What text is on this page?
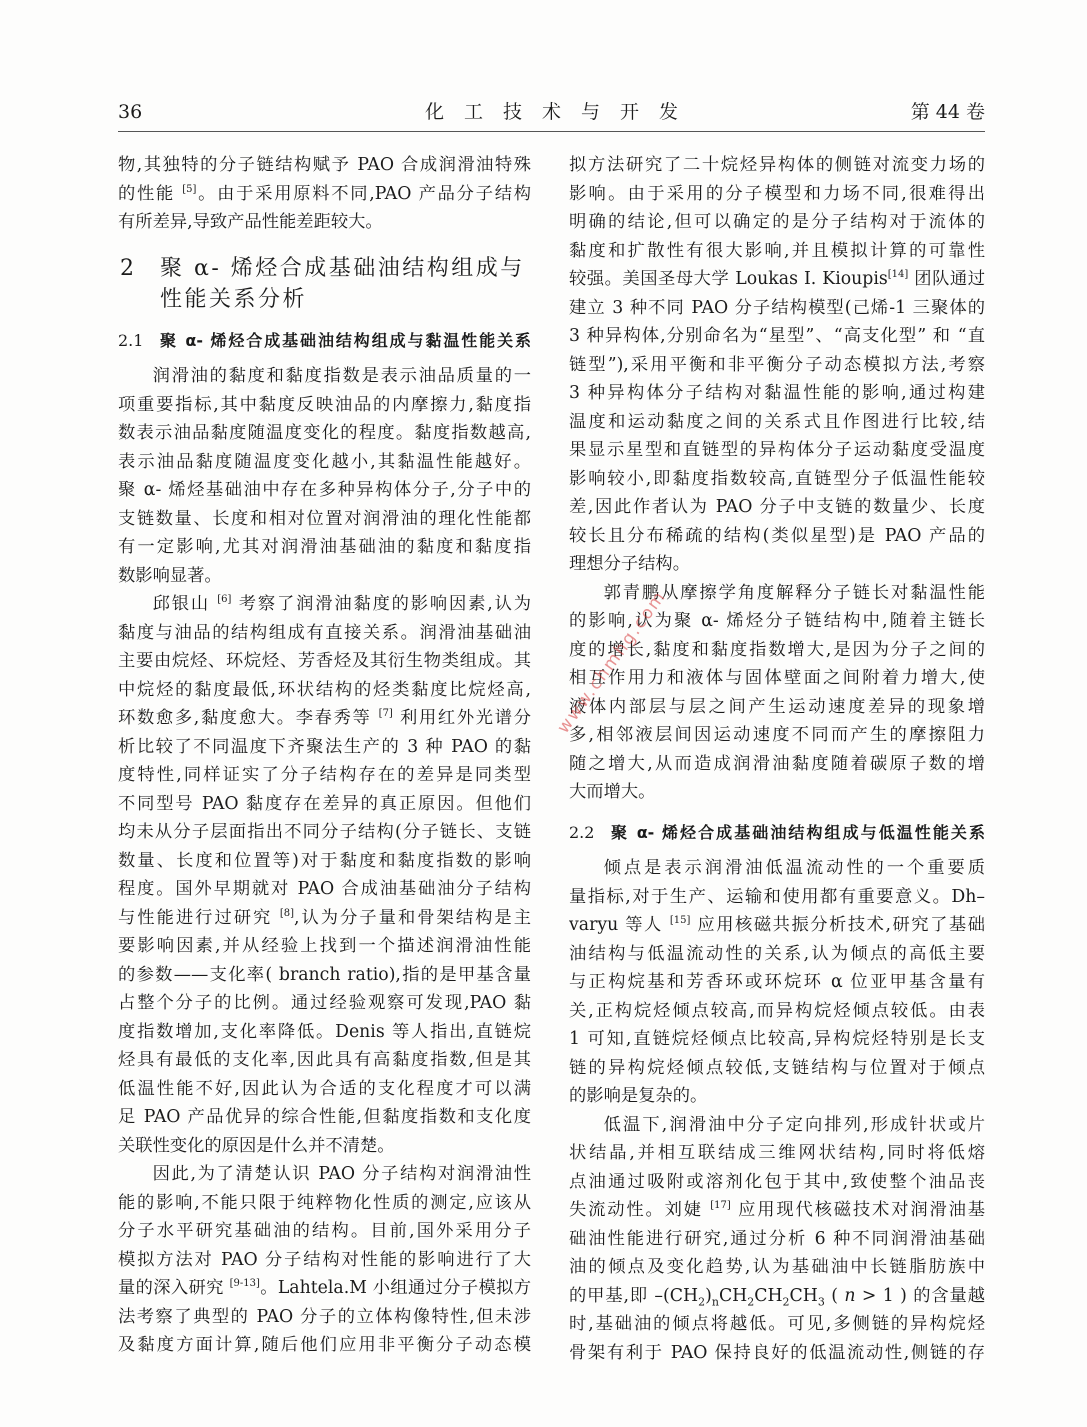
36	化工技术与开发	第 44 卷
物,其独特的分子链结构赋予 PAO 合成润滑油特殊
的性能 [5]。由于采用原料不同,PAO 产品分子结构
有所差异,导致产品性能差距较大。
2 聚 α- 烯烃合成基础油结构组成与
性能关系分析
2.1	聚 α- 烯烃合成基础油结构组成与黏温性能关系
润滑油的黏度和黏度指数是表示油品质量的一
项重要指标,其中黏度反映油品的内摩擦力,黏度指
数表示油品黏度随温度变化的程度。黏度指数越高,
表示油品黏度随温度变化越小,其黏温性能越好。
聚 α- 烯烃基础油中存在多种异构体分子,分子中的
支链数量、长度和相对位置对润滑油的理化性能都
有一定影响,尤其对润滑油基础油的黏度和黏度指
数影响显著。
邱银山 [6] 考察了润滑油黏度的影响因素,认为
黏度与油品的结构组成有直接关系。润滑油基础油
主要由烷烃、环烷烃、芳香烃及其衍生物类组成。其
中烷烃的黏度最低,环状结构的烃类黏度比烷烃高,
环数愈多,黏度愈大。李春秀等 [7] 利用红外光谱分
析比较了不同温度下齐聚法生产的 3 种 PAO 的黏
度特性,同样证实了分子结构存在的差异是同类型
不同型号 PAO 黏度存在差异的真正原因。但他们
均未从分子层面指出不同分子结构(分子链长、支链
数量、长度和位置等)对于黏度和黏度指数的影响
程度。国外早期就对 PAO 合成油基础油分子结构
与性能进行过研究 [8],认为分子量和骨架结构是主
要影响因素,并从经验上找到一个描述润滑油性能
的参数——支化率( branch ratio),指的是甲基含量
占整个分子的比例。通过经验观察可发现,PAO 黏
度指数增加,支化率降低。Denis 等人指出,直链烷
烃具有最低的支化率,因此具有高黏度指数,但是其
低温性能不好,因此认为合适的支化程度才可以满
足 PAO 产品优异的综合性能,但黏度指数和支化度
关联性变化的原因是什么并不清楚。
因此,为了清楚认识 PAO 分子结构对润滑油性
能的影响,不能只限于纯粹物化性质的测定,应该从
分子水平研究基础油的结构。目前,国外采用分子
模拟方法对 PAO 分子结构对性能的影响进行了大
量的深入研究 [9-13]。Lahtela.M 小组通过分子模拟方
法考察了典型的 PAO 分子的立体构像特性,但未涉
及黏度方面计算,随后他们应用非平衡分子动态模
拟方法研究了二十烷烃异构体的侧链对流变力场的
影响。由于采用的分子模型和力场不同,很难得出
明确的结论,但可以确定的是分子结构对于流体的
黏度和扩散性有很大影响,并且模拟计算的可靠性
较强。美国圣母大学 Loukas I. Kioupis[14] 团队通过
建立 3 种不同 PAO 分子结构模型(己烯-1 三聚体的
3 种异构体,分别命名为“星型”、“高支化型” 和 “直
链型”),采用平衡和非平衡分子动态模拟方法,考察
3 种异构体分子结构对黏温性能的影响,通过构建
温度和运动黏度之间的关系式且作图进行比较,结
果显示星型和直链型的异构体分子运动黏度受温度
影响较小,即黏度指数较高,直链型分子低温性能较
差,因此作者认为 PAO 分子中支链的数量少、长度
较长且分布稀疏的结构(类似星型)是 PAO 产品的
理想分子结构。
郭青鹏从摩擦学角度解释分子链长对黏温性能
的影响,认为聚 α- 烯烃分子链结构中,随着主链长
度的增长,黏度和黏度指数增大,是因为分子之间的
相互作用力和液体与固体壁面之间附着力增大,使
液体内部层与层之间产生运动速度差异的现象增
多,相邻液层间因运动速度不同而产生的摩擦阻力
随之增大,从而造成润滑油黏度随着碳原子数的增
大而增大。
2.2	聚 α- 烯烃合成基础油结构组成与低温性能关系
倾点是表示润滑油低温流动性的一个重要质
量指标,对于生产、运输和使用都有重要意义。Dh–
varyu 等人 [15] 应用核磁共振分析技术,研究了基础
油结构与低温流动性的关系,认为倾点的高低主要
与正构烷基和芳香环或环烷环 α 位亚甲基含量有
关,正构烷烃倾点较高,而异构烷烃倾点较低。由表
1 可知,直链烷烃倾点比较高,异构烷烃特别是长支
链的异构烷烃倾点较低,支链结构与位置对于倾点
的影响是复杂的。
低温下,润滑油中分子定向排列,形成针状或片
状结晶,并相互联结成三维网状结构,同时将低熔
点油通过吸附或溶剂化包于其中,致使整个油品丧
失流动性。刘婕 [17] 应用现代核磁技术对润滑油基
础油性能进行研究,通过分析 6 种不同润滑油基础
油的倾点及变化趋势,认为基础油中长链脂肪族中
的甲基,即 $-(CH_2)_nCH_2CH_2CH_3$ ( n > 1 ) 的含量越
时,基础油的倾点将越低。可见,多侧链的异构烷烃
骨架有利于 PAO 保持良好的低温流动性,侧链的存
www.chmhg.com
